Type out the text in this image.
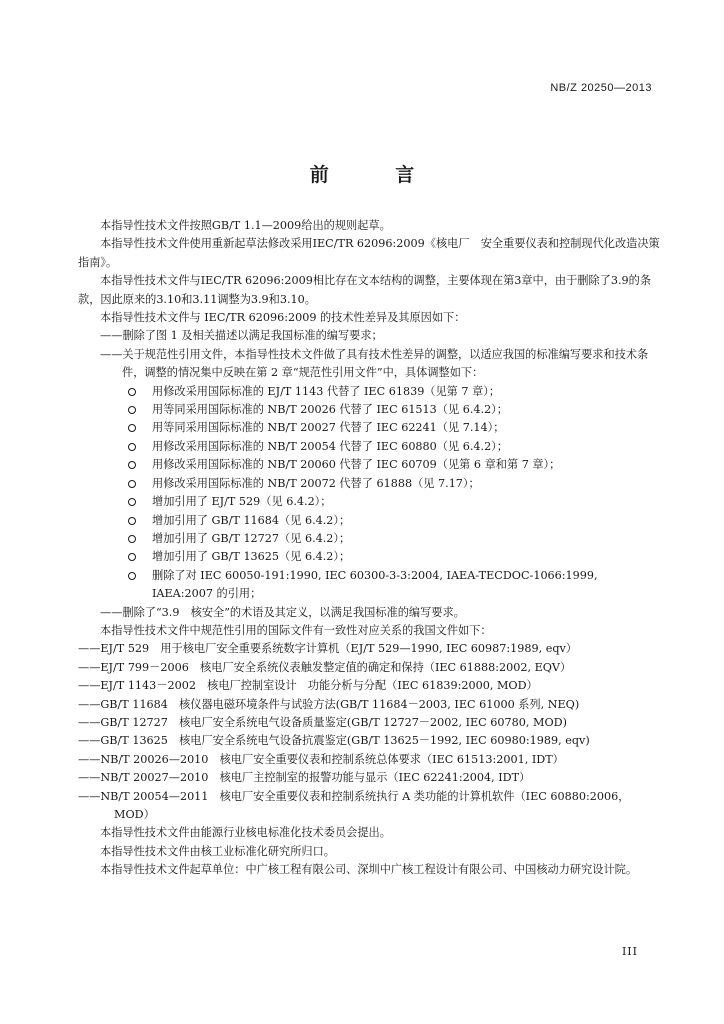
NB/Z 20250—2013
前 言

本指导性技术文件按照GB/T 1.1—2009给出的规则起草。

本指导性技术文件使用重新起草法修改采用IEC/TR 62096:2009《核电厂　安全重要仪表和控制现代化改造决策指南》。

本指导性技术文件与IEC/TR 62096:2009相比存在文本结构的调整，主要体现在第3章中，由于删除了3.9的条款，因此原来的3.10和3.11调整为3.9和3.10。

本指导性技术文件与 IEC/TR 62096:2009 的技术性差异及其原因如下：

——删除了图 1 及相关描述以满足我国标准的编写要求；

——关于规范性引用文件，本指导性技术文件做了具有技术性差异的调整，以适应我国的标准编写要求和技术条件，调整的情况集中反映在第 2 章“规范性引用文件”中，具体调整如下：

用修改采用国际标准的 EJ/T 1143 代替了 IEC 61839（见第 7 章）；
用等同采用国际标准的 NB/T 20026 代替了 IEC 61513（见 6.4.2）；
用等同采用国际标准的 NB/T 20027 代替了 IEC 62241（见 7.14）；
用修改采用国际标准的 NB/T 20054 代替了 IEC 60880（见 6.4.2）；
用修改采用国际标准的 NB/T 20060 代替了 IEC 60709（见第 6 章和第 7 章）；
用修改采用国际标准的 NB/T 20072 代替了 61888（见 7.17）；
增加引用了 EJ/T 529（见 6.4.2）；
增加引用了 GB/T 11684（见 6.4.2）；
增加引用了 GB/T 12727（见 6.4.2）；
增加引用了 GB/T 13625（见 6.4.2）；
删除了对 IEC 60050-191:1990, IEC 60300-3-3:2004, IAEA-TECDOC-1066:1999, IAEA:2007 的引用；

——删除了“3.9　核安全”的术语及其定义，以满足我国标准的编写要求。

本指导性技术文件中规范性引用的国际文件有一致性对应关系的我国文件如下：

——EJ/T 529　用于核电厂安全重要系统数字计算机（EJ/T 529—1990, IEC 60987:1989, eqv）

——EJ/T 799－2006　核电厂安全系统仪表触发整定值的确定和保持（IEC 61888:2002, EQV）

——EJ/T 1143－2002　核电厂控制室设计　功能分析与分配（IEC 61839:2000, MOD）

——GB/T 11684　核仪器电磁环境条件与试验方法(GB/T 11684－2003, IEC 61000 系列, NEQ)

——GB/T 12727　核电厂安全系统电气设备质量鉴定(GB/T 12727－2002, IEC 60780, MOD)

——GB/T 13625　核电厂安全系统电气设备抗震鉴定(GB/T 13625－1992, IEC 60980:1989, eqv)

——NB/T 20026—2010　核电厂安全重要仪表和控制系统总体要求（IEC 61513:2001, IDT）

——NB/T 20027—2010　核电厂主控制室的报警功能与显示（IEC 62241:2004, IDT）

——NB/T 20054—2011　核电厂安全重要仪表和控制系统执行 A 类功能的计算机软件（IEC 60880:2006，MOD）

本指导性技术文件由能源行业核电标准化技术委员会提出。

本指导性技术文件由核工业标准化研究所归口。

本指导性技术文件起草单位：中广核工程有限公司、深圳中广核工程设计有限公司、中国核动力研究设计院。

III
